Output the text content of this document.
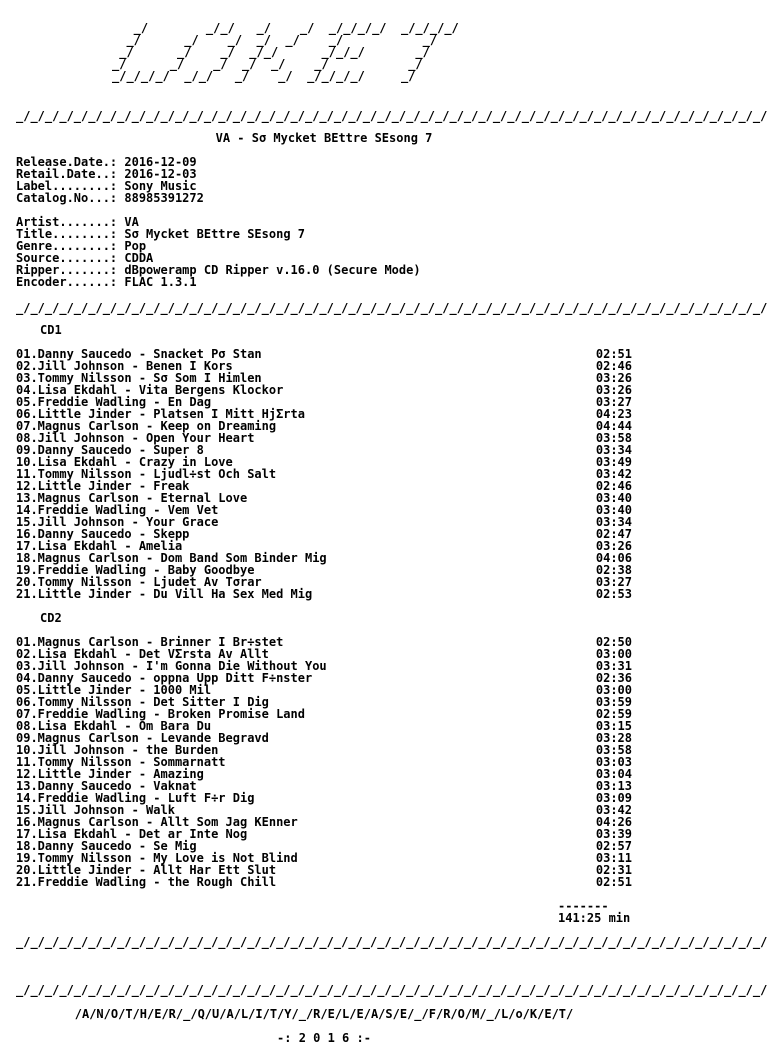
_/        _/_/   _/    _/  _/_/_/_/  _/_/_/_/
_/      _/    _/  _/  _/    _/           _/
_/      _/    _/  _/_/      _/_/_/       _/
_/      _/    _/  _/  _/    _/           _/
_/_/_/_/  _/_/   _/    _/  _/_/_/_/     _/
_/_/_/_/_/_/_/_/_/_/_/_/_/_/_/_/_/_/_/_/_/_/_/_/_/_/_/_/_/_/_/_/_/_/_/_/_/_/_/_/_/_/_/_/_/_/_/_/_/_/_/_/
VA - Sσ Mycket BEttre SEsong 7
Release.Date.: 2016-12-09
Retail.Date..: 2016-12-03
Label........: Sony Music
Catalog.No...: 88985391272
Artist.......: VA
Title........: Sσ Mycket BEttre SEsong 7
Genre........: Pop
Source.......: CDDA
Ripper.......: dBpoweramp CD Ripper v.16.0 (Secure Mode)
Encoder......: FLAC 1.3.1
_/_/_/_/_/_/_/_/_/_/_/_/_/_/_/_/_/_/_/_/_/_/_/_/_/_/_/_/_/_/_/_/_/_/_/_/_/_/_/_/_/_/_/_/_/_/_/_/_/_/_/_/
CD1
01.Danny Saucedo - Snacket Pσ Stan	02:51
02.Jill Johnson - Benen I Kors	02:46
03.Tommy Nilsson - Sσ Som I Himlen	03:26
04.Lisa Ekdahl - Vita Bergens Klockor	03:26
05.Freddie Wadling - En Dag	03:27
06.Little Jinder - Platsen I Mitt HjΣrta	04:23
07.Magnus Carlson - Keep on Dreaming	04:44
08.Jill Johnson - Open Your Heart	03:58
09.Danny Saucedo - Super 8	03:34
10.Lisa Ekdahl - Crazy in Love	03:49
11.Tommy Nilsson - Ljudl÷st Och Salt	03:42
12.Little Jinder - Freak	02:46
13.Magnus Carlson - Eternal Love	03:40
14.Freddie Wadling - Vem Vet	03:40
15.Jill Johnson - Your Grace	03:34
16.Danny Saucedo - Skepp	02:47
17.Lisa Ekdahl - Amelia	03:26
18.Magnus Carlson - Dom Band Som Binder Mig	04:06
19.Freddie Wadling - Baby Goodbye	02:38
20.Tommy Nilsson - Ljudet Av Tσrar	03:27
21.Little Jinder - Du Vill Ha Sex Med Mig	02:53
CD2
01.Magnus Carlson - Brinner I Br÷stet	02:50
02.Lisa Ekdahl - Det VΣrsta Av Allt	03:00
03.Jill Johnson - I'm Gonna Die Without You	03:31
04.Danny Saucedo - oppna Upp Ditt F÷nster	02:36
05.Little Jinder - 1000 Mil	03:00
06.Tommy Nilsson - Det Sitter I Dig	03:59
07.Freddie Wadling - Broken Promise Land	02:59
08.Lisa Ekdahl - Om Bara Du	03:15
09.Magnus Carlson - Levande Begravd	03:28
10.Jill Johnson - the Burden	03:58
11.Tommy Nilsson - Sommarnatt	03:03
12.Little Jinder - Amazing	03:04
13.Danny Saucedo - Vaknat	03:13
14.Freddie Wadling - Luft F÷r Dig	03:09
15.Jill Johnson - Walk	03:42
16.Magnus Carlson - Allt Som Jag KEnner	04:26
17.Lisa Ekdahl - Det ar Inte Nog	03:39
18.Danny Saucedo - Se Mig	02:57
19.Tommy Nilsson - My Love is Not Blind	03:11
20.Little Jinder - Allt Har Ett Slut	02:31
21.Freddie Wadling - the Rough Chill	02:51
-------
141:25 min
_/_/_/_/_/_/_/_/_/_/_/_/_/_/_/_/_/_/_/_/_/_/_/_/_/_/_/_/_/_/_/_/_/_/_/_/_/_/_/_/_/_/_/_/_/_/_/_/_/_/_/_/
_/_/_/_/_/_/_/_/_/_/_/_/_/_/_/_/_/_/_/_/_/_/_/_/_/_/_/_/_/_/_/_/_/_/_/_/_/_/_/_/_/_/_/_/_/_/_/_/_/_/_/_/
/A/N/O/T/H/E/R/_/Q/U/A/L/I/T/Y/_/R/E/L/E/A/S/E/_/F/R/O/M/_/L/o/K/E/T/
-: 2 0 1 6 :-
